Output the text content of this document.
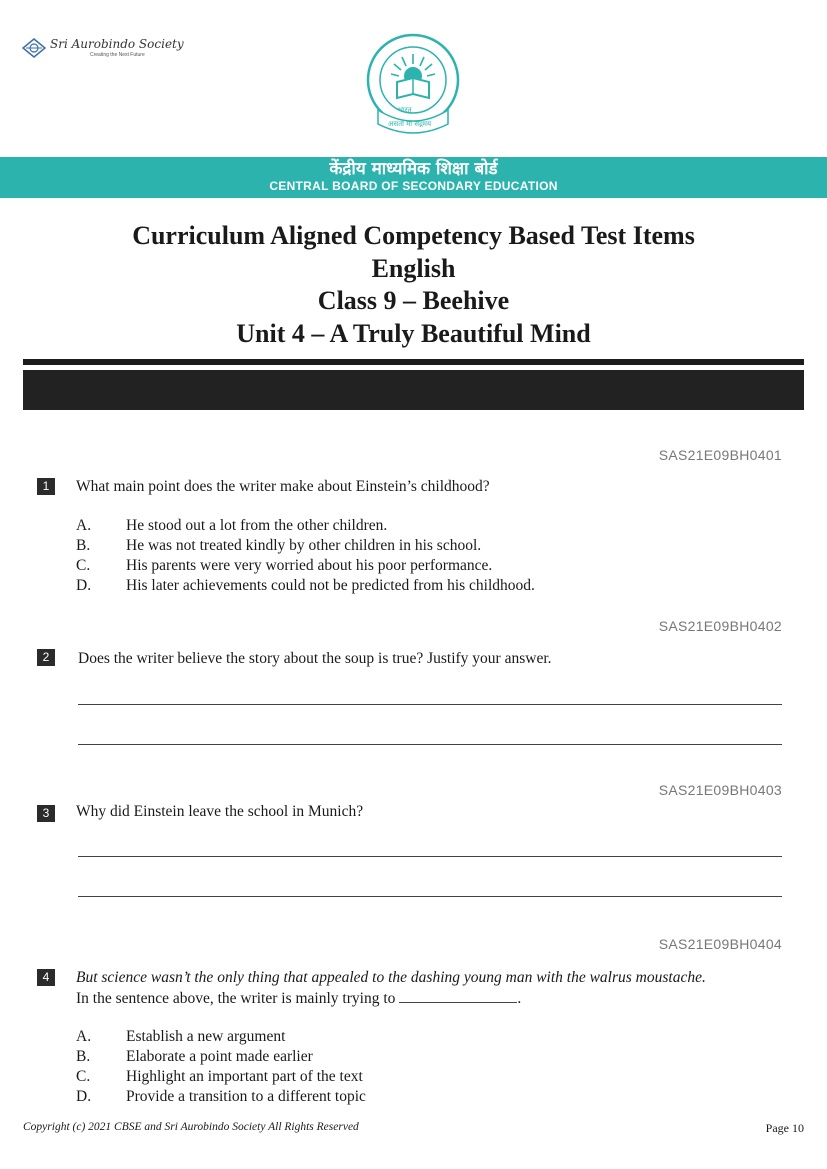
Sri Aurobindo Society
Creating the Next Future
भारत
असतो मा सद्गमय
केंद्रीय माध्यमिक शिक्षा बोर्ड
CENTRAL BOARD OF SECONDARY EDUCATION
Curriculum Aligned Competency Based Test Items
English
Class 9 – Beehive
Unit 4 – A Truly Beautiful Mind
SAS21E09BH0401
1	What main point does the writer make about Einstein’s childhood?
A.	He stood out a lot from the other children.
B.	He was not treated kindly by other children in his school.
C.	His parents were very worried about his poor performance.
D.	His later achievements could not be predicted from his childhood.
SAS21E09BH0402
2	Does the writer believe the story about the soup is true? Justify your answer.
SAS21E09BH0403
3	Why did Einstein leave the school in Munich?
SAS21E09BH0404
4	But science wasn’t the only thing that appealed to the dashing young man with the walrus moustache.
In the sentence above, the writer is mainly trying to	.
A.	Establish a new argument
B.	Elaborate a point made earlier
C.	Highlight an important part of the text
D.	Provide a transition to a different topic
Copyright (c) 2021 CBSE and Sri Aurobindo Society All Rights Reserved	Page 10
